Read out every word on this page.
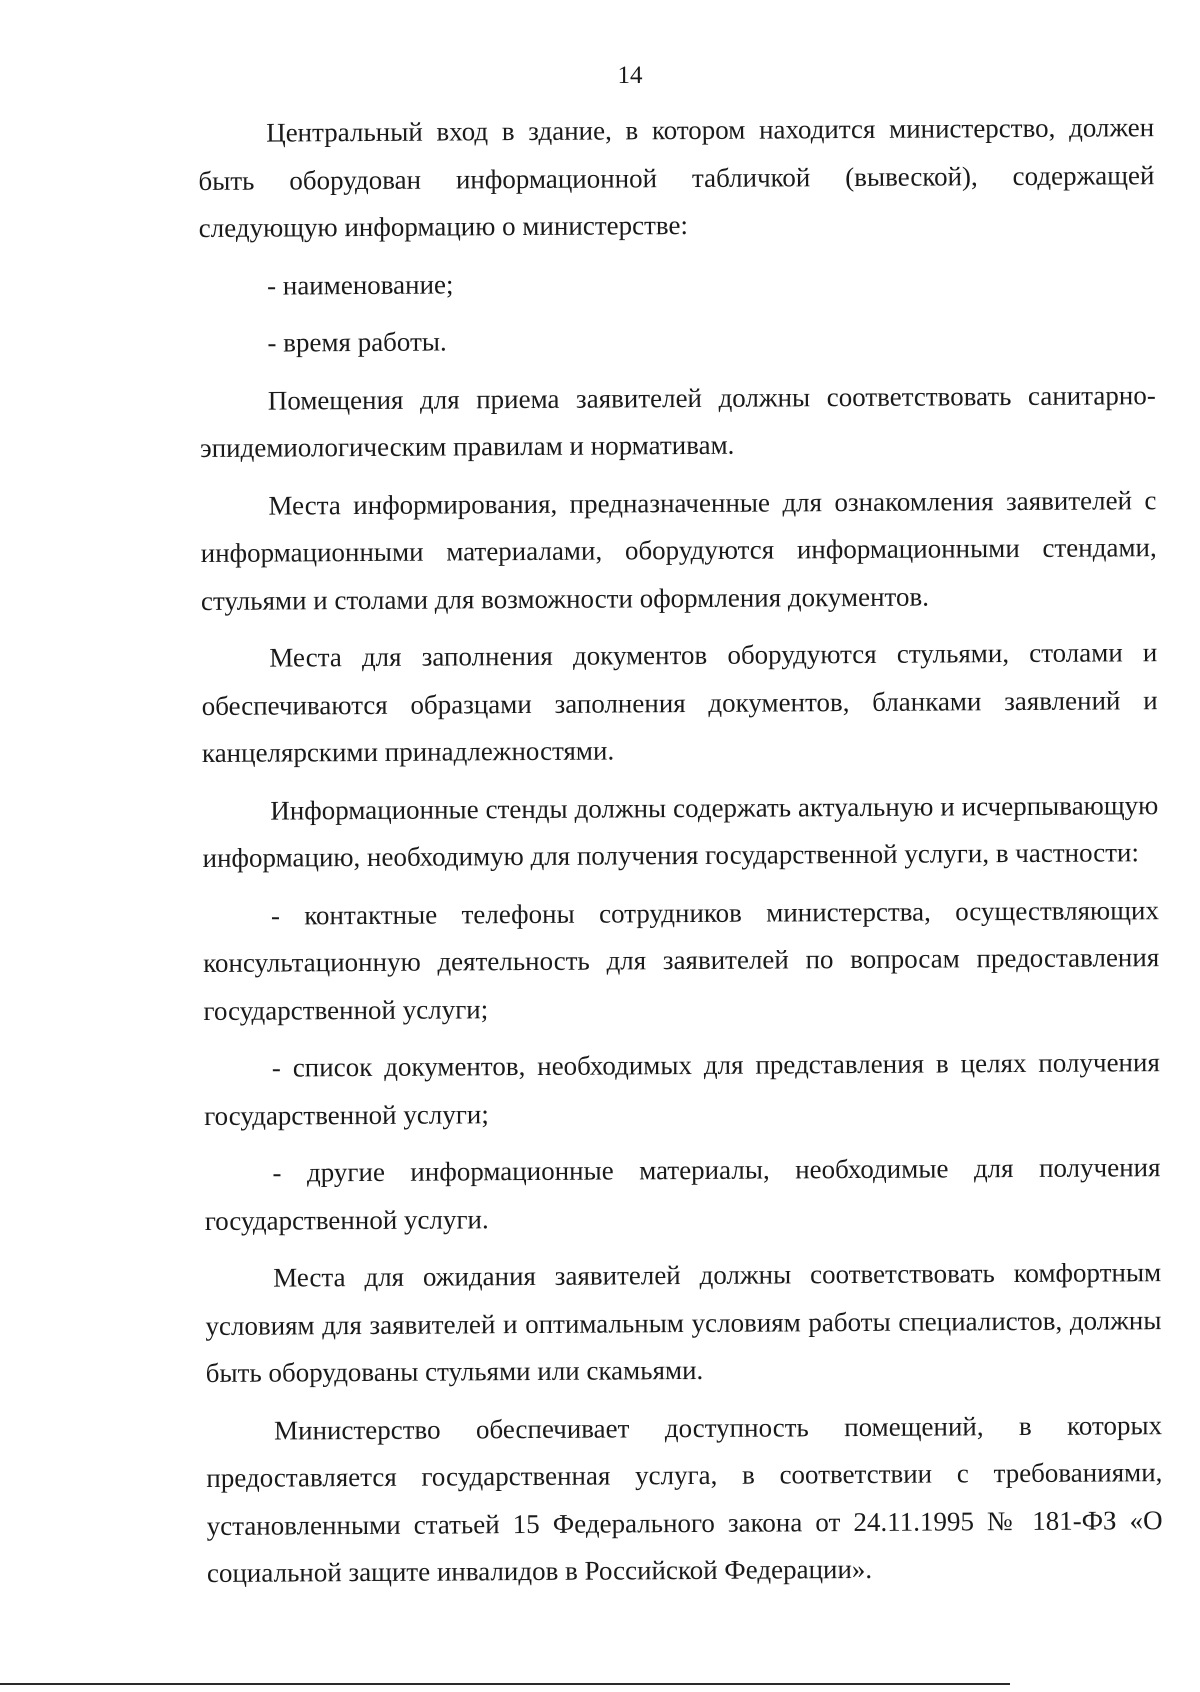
14

Центральный вход в здание, в котором находится министерство, должен быть оборудован информационной табличкой (вывеской), содержащей следующую информацию о министерстве:

- наименование;

- время работы.

Помещения для приема заявителей должны соответствовать санитарно-эпидемиологическим правилам и нормативам.

Места информирования, предназначенные для ознакомления заявителей с информационными материалами, оборудуются информационными стендами, стульями и столами для возможности оформления документов.

Места для заполнения документов оборудуются стульями, столами и обеспечиваются образцами заполнения документов, бланками заявлений и канцелярскими принадлежностями.

Информационные стенды должны содержать актуальную и исчерпывающую информацию, необходимую для получения государственной услуги, в частности:

- контактные телефоны сотрудников министерства, осуществляющих консультационную деятельность для заявителей по вопросам предоставления государственной услуги;

- список документов, необходимых для представления в целях получения государственной услуги;

- другие информационные материалы, необходимые для получения государственной услуги.

Места для ожидания заявителей должны соответствовать комфортным условиям для заявителей и оптимальным условиям работы специалистов, должны быть оборудованы стульями или скамьями.

Министерство обеспечивает доступность помещений, в которых предоставляется государственная услуга, в соответствии с требованиями, установленными статьей 15 Федерального закона от 24.11.1995 № 181-ФЗ «О социальной защите инвалидов в Российской Федерации».
